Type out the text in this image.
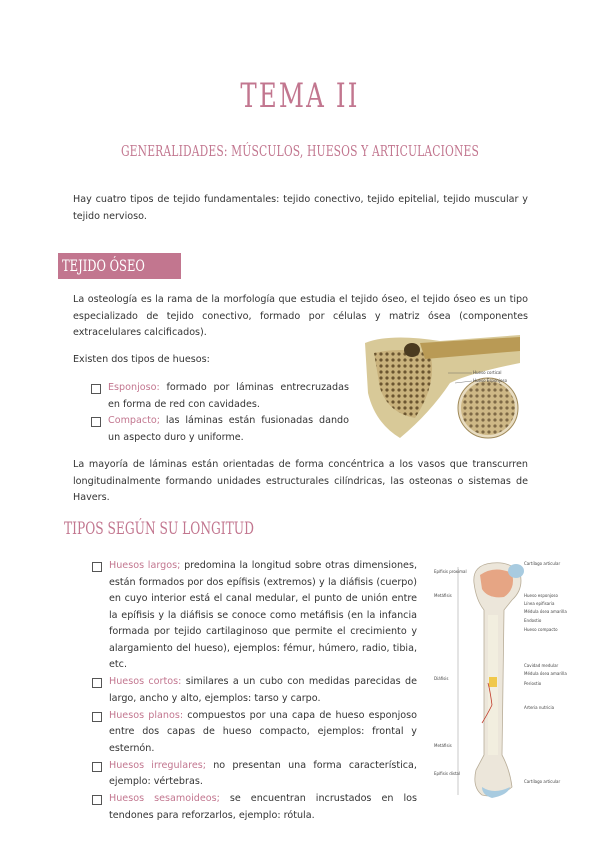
TEMA II
GENERALIDADES: MÚSCULOS, HUESOS Y ARTICULACIONES

Hay cuatro tipos de tejido fundamentales: tejido conectivo, tejido epitelial, tejido muscular y tejido nervioso.

TEJIDO ÓSEO

La osteología es la rama de la morfología que estudia el tejido óseo, el tejido óseo es un tipo especializado de tejido conectivo, formado por células y matriz ósea (componentes extracelulares calcificados).

Existen dos tipos de huesos:

Esponjoso: formado por láminas entrecruzadas en forma de red con cavidades.
Compacto; las láminas están fusionadas dando un aspecto duro y uniforme.
Hueso cortical
Hueso Esponjoso

La mayoría de láminas están orientadas de forma concéntrica a los vasos que transcurren longitudinalmente formando unidades estructurales cilíndricas, las osteonas o sistemas de Havers.

TIPOS SEGÚN SU LONGITUD
Huesos largos; predomina la longitud sobre otras dimensiones, están formados por dos epífisis (extremos) y la diáfisis (cuerpo) en cuyo interior está el canal medular, el punto de unión entre la epífisis y la diáfisis se conoce como metáfisis (en la infancia formada por tejido cartilaginoso que permite el crecimiento y alargamiento del hueso), ejemplos: fémur, húmero, radio, tibia, etc.
Huesos cortos: similares a un cubo con medidas parecidas de largo, ancho y alto, ejemplos: tarso y carpo.
Huesos planos: compuestos por una capa de hueso esponjoso entre dos capas de hueso compacto, ejemplos: frontal y esternón.
Huesos irregulares; no presentan una forma característica, ejemplo: vértebras.
Huesos sesamoideos; se encuentran incrustados en los tendones para reforzarlos, ejemplo: rótula.
Epífisis proximal
Metáfisis
Diáfisis
Metáfisis
Epífisis distal
Cartílago articular
Hueso esponjoso
Línea epifisaria
Médula ósea amarilla
Endostio
Hueso compacto
Cavidad medular
Médula ósea amarilla
Periostio
Arteria nutricia
Cartílago articular
